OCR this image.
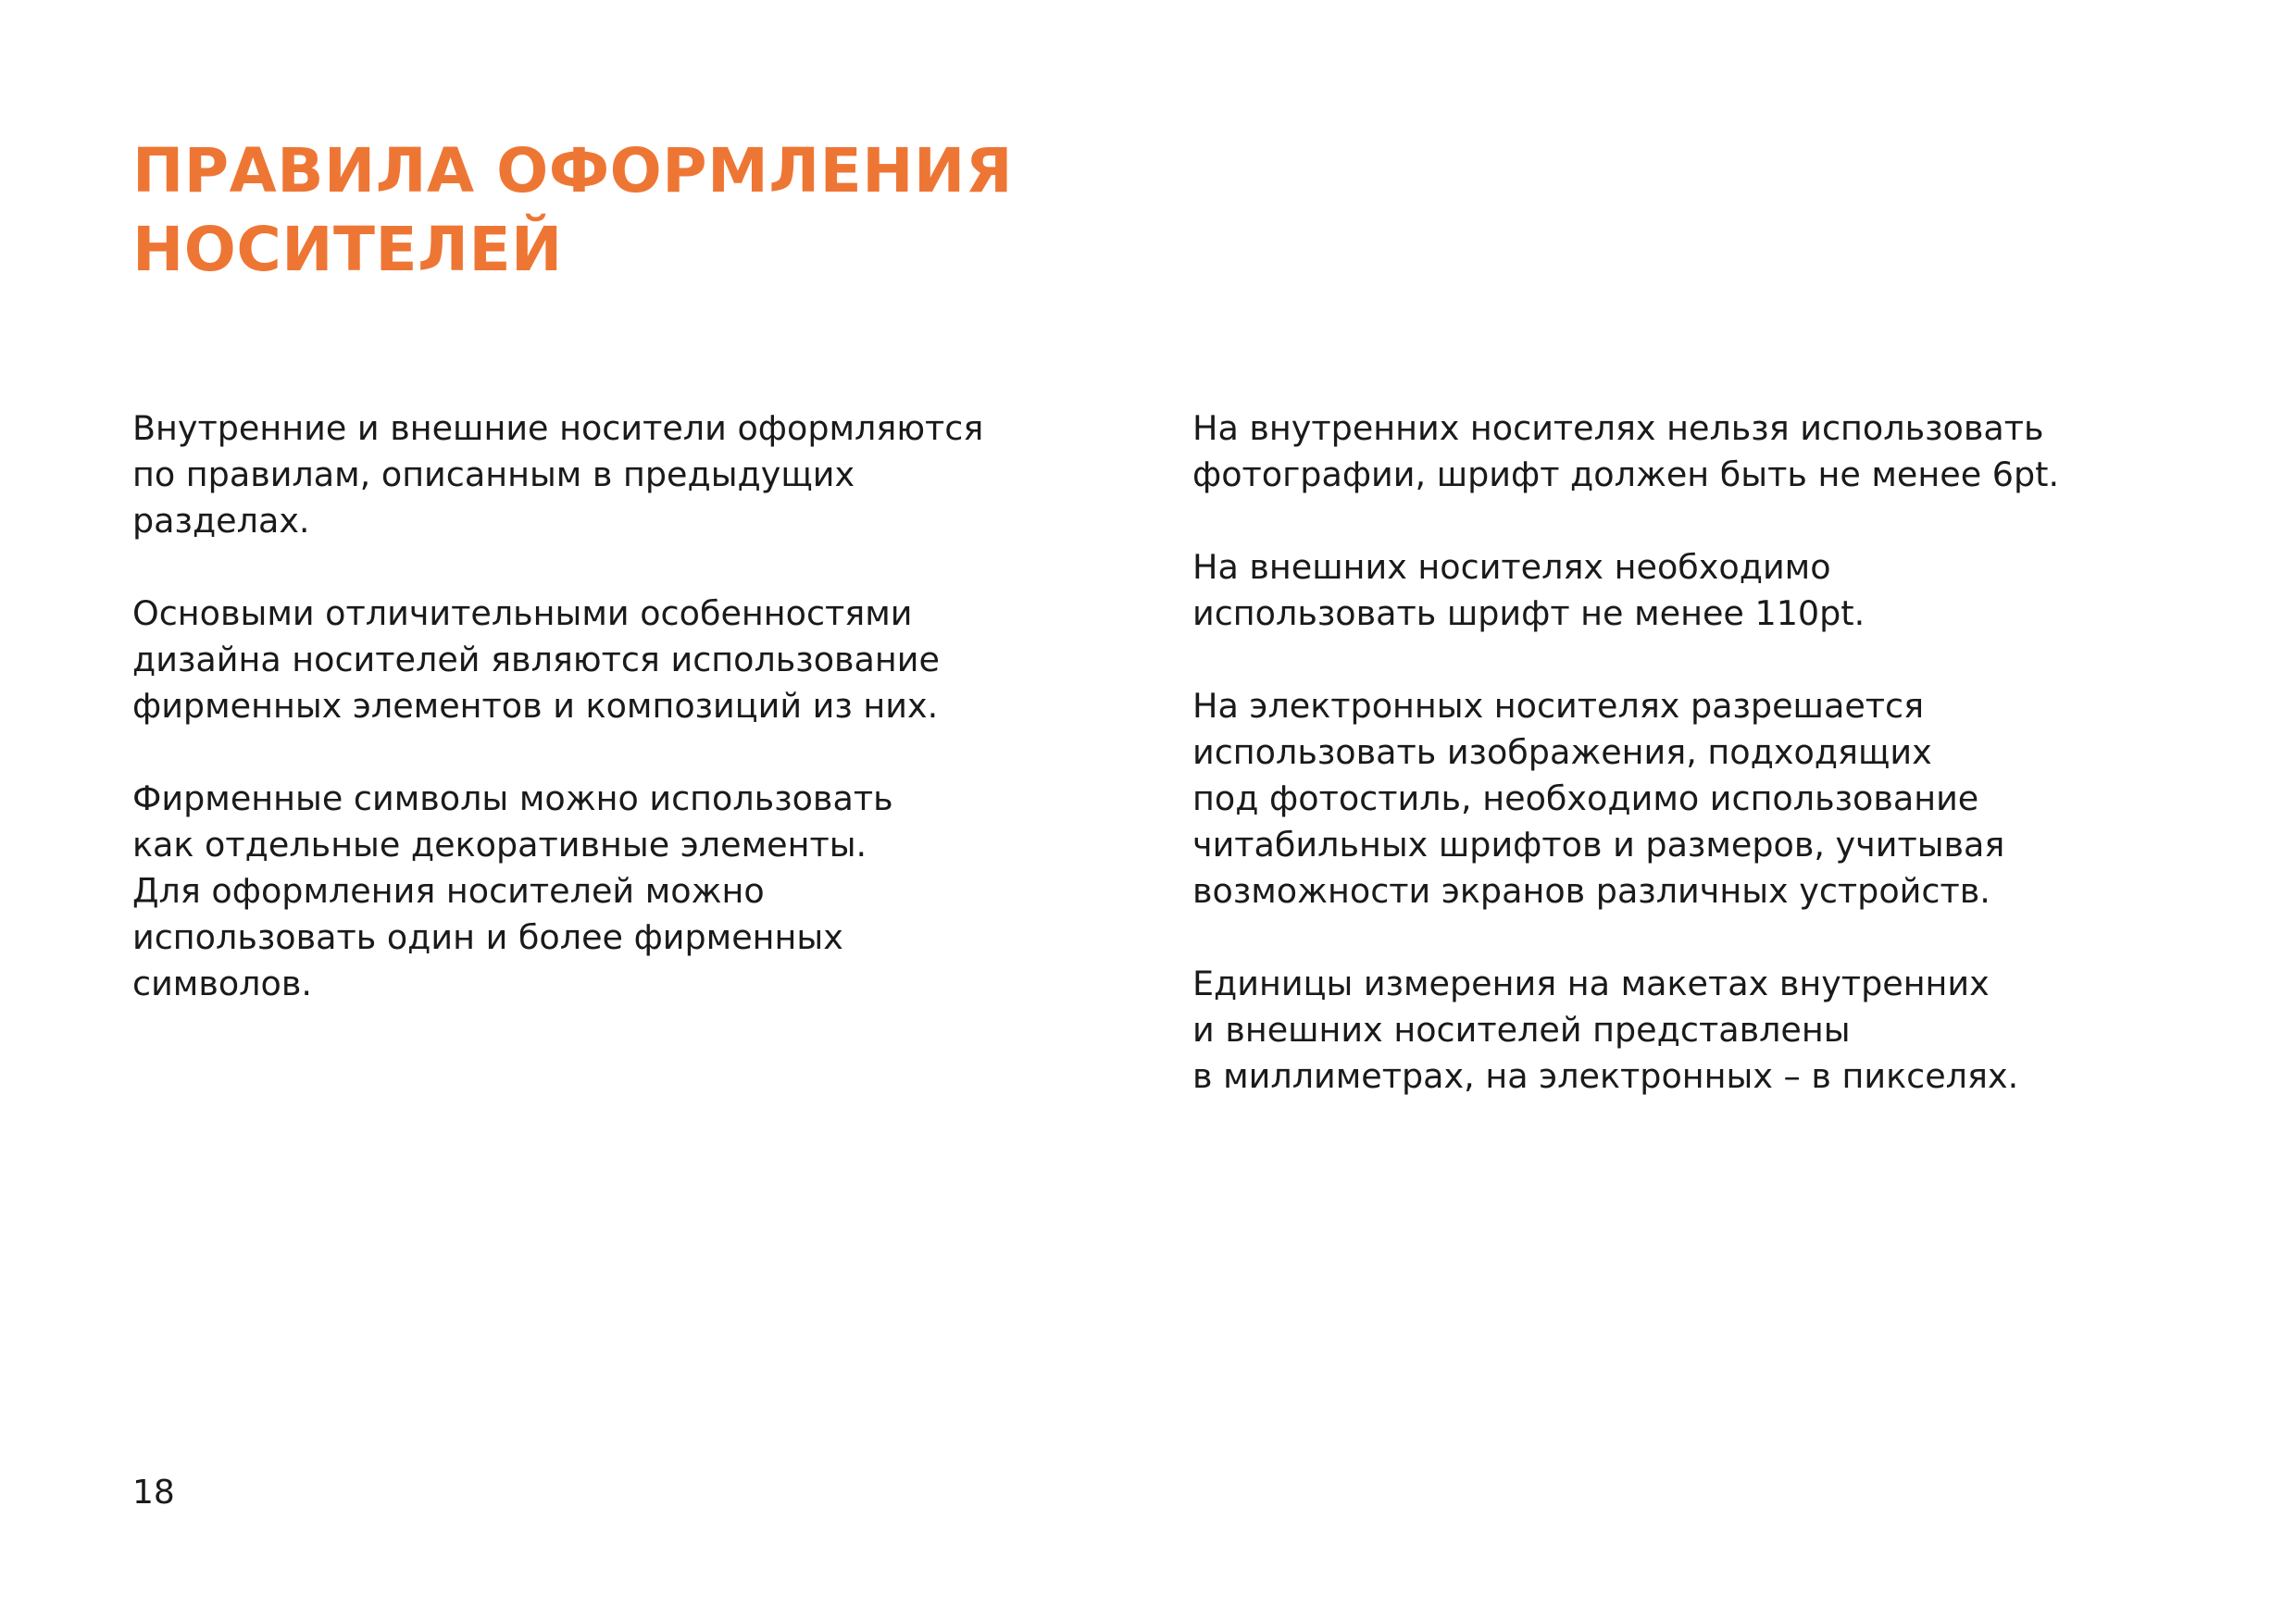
ПРАВИЛА ОФОРМЛЕНИЯ
НОСИТЕЛЕЙ

Внутренние и внешние носители оформляются
по правилам, описанным в предыдущих
разделах.

Основыми отличительными особенностями
дизайна носителей являются использование
фирменных элементов и композиций из них.

Фирменные символы можно использовать
как отдельные декоративные элементы.
Для оформления носителей можно
использовать один и более фирменных
символов.

На внутренних носителях нельзя использовать
фотографии, шрифт должен быть не менее 6pt.

На внешних носителях необходимо
использовать шрифт не менее 110pt.

На электронных носителях разрешается
использовать изображения, подходящих
под фотостиль, необходимо использование
читабильных шрифтов и размеров, учитывая
возможности экранов различных устройств.

Единицы измерения на макетах внутренних
и внешних носителей представлены
в миллиметрах, на электронных – в пикселях.

18
